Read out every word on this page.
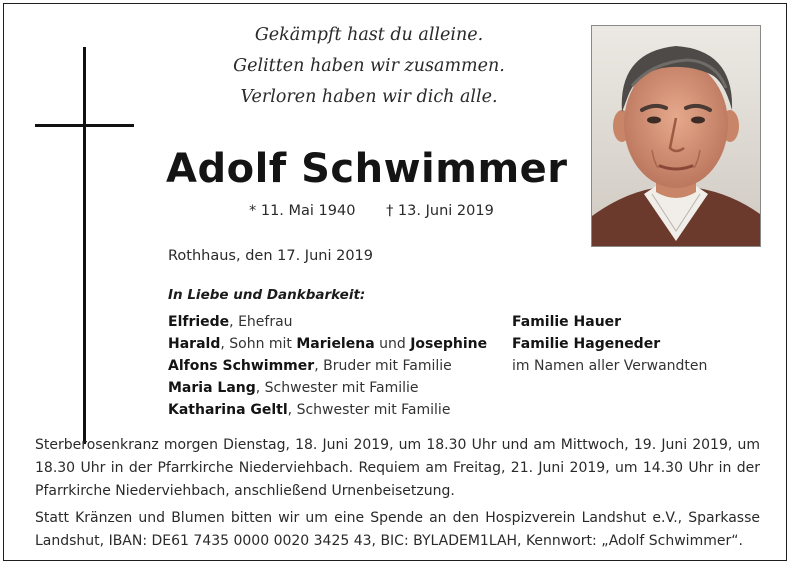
Gekämpft hast du alleine.
Gelitten haben wir zusammen.
Verloren haben wir dich alle.
Adolf Schwimmer
* 11. Mai 1940 † 13. Juni 2019
Rothhaus, den 17. Juni 2019
In Liebe und Dankbarkeit:
Elfriede, Ehefrau
Harald, Sohn mit Marielena und Josephine
Alfons Schwimmer, Bruder mit Familie
Maria Lang, Schwester mit Familie
Katharina Geltl, Schwester mit Familie
Familie Hauer
Familie Hageneder
im Namen aller Verwandten
Sterberosenkranz morgen Dienstag, 18. Juni 2019, um 18.30 Uhr und am Mittwoch, 19. Juni 2019, um 18.30 Uhr in der Pfarrkirche Niederviehbach. Requiem am Freitag, 21. Juni 2019, um 14.30 Uhr in der Pfarrkirche Niederviehbach, anschließend Urnenbeisetzung.
Statt Kränzen und Blumen bitten wir um eine Spende an den Hospizverein Landshut e.V., Sparkasse Landshut, IBAN: DE61 7435 0000 0020 3425 43, BIC: BYLADEM1LAH, Kennwort: „Adolf Schwimmer“.
